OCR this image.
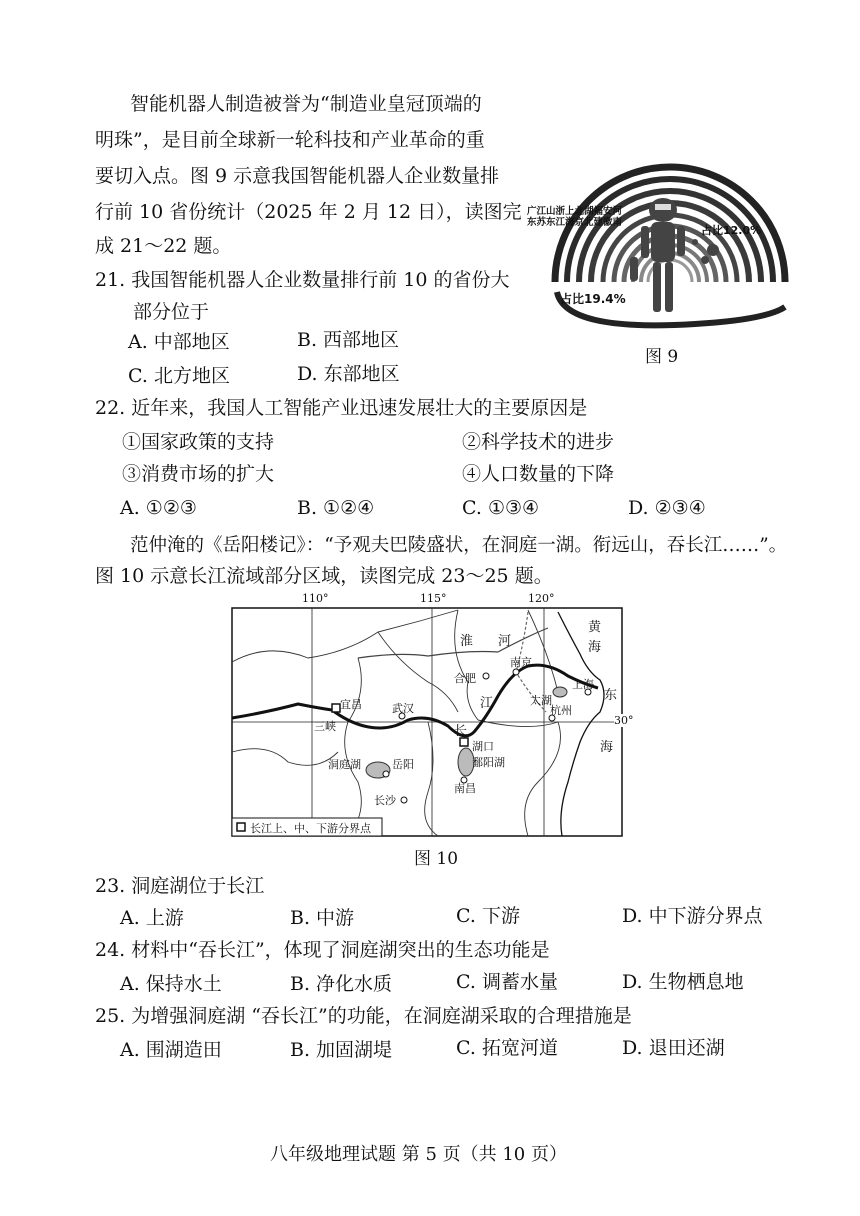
智能机器人制造被誉为“制造业皇冠顶端的
明珠”，是目前全球新一轮科技和产业革命的重
要切入点。图 9 示意我国智能机器人企业数量排
行前 10 省份统计（2025 年 2 月 12 日），读图完
成 21～22 题。
广江山浙上北湖福安河
东苏东江海京北建徽南
占比12.0%
占比19.4%
图 9
21. 我国智能机器人企业数量排行前 10 的省份大
部分位于
A. 中部地区	B. 西部地区
C. 北方地区	D. 东部地区
22. 近年来，我国人工智能产业迅速发展壮大的主要原因是
①国家政策的支持	②科学技术的进步
③消费市场的扩大	④人口数量的下降
A. ①②③	B. ①②④	C. ①③④	D. ②③④
范仲淹的《岳阳楼记》：“予观夫巴陵盛状，在洞庭一湖。衔远山，吞长江……”。
图 10 示意长江流域部分区域，读图完成 23～25 题。
110°	115°	120°
30°
宜昌
三峡
武汉
洞庭湖	岳阳
长沙
合肥
南京
太湖
上海
杭州
湖口
鄱阳湖
南昌
淮 河
江
长
黄
海
东
海
长江上、中、下游分界点
图 10
23. 洞庭湖位于长江
A. 上游	B. 中游	C. 下游	D. 中下游分界点
24. 材料中“吞长江”，体现了洞庭湖突出的生态功能是
A. 保持水土	B. 净化水质	C. 调蓄水量	D. 生物栖息地
25. 为增强洞庭湖 “吞长江”的功能，在洞庭湖采取的合理措施是
A. 围湖造田	B. 加固湖堤	C. 拓宽河道	D. 退田还湖
八年级地理试题 第 5 页（共 10 页）
